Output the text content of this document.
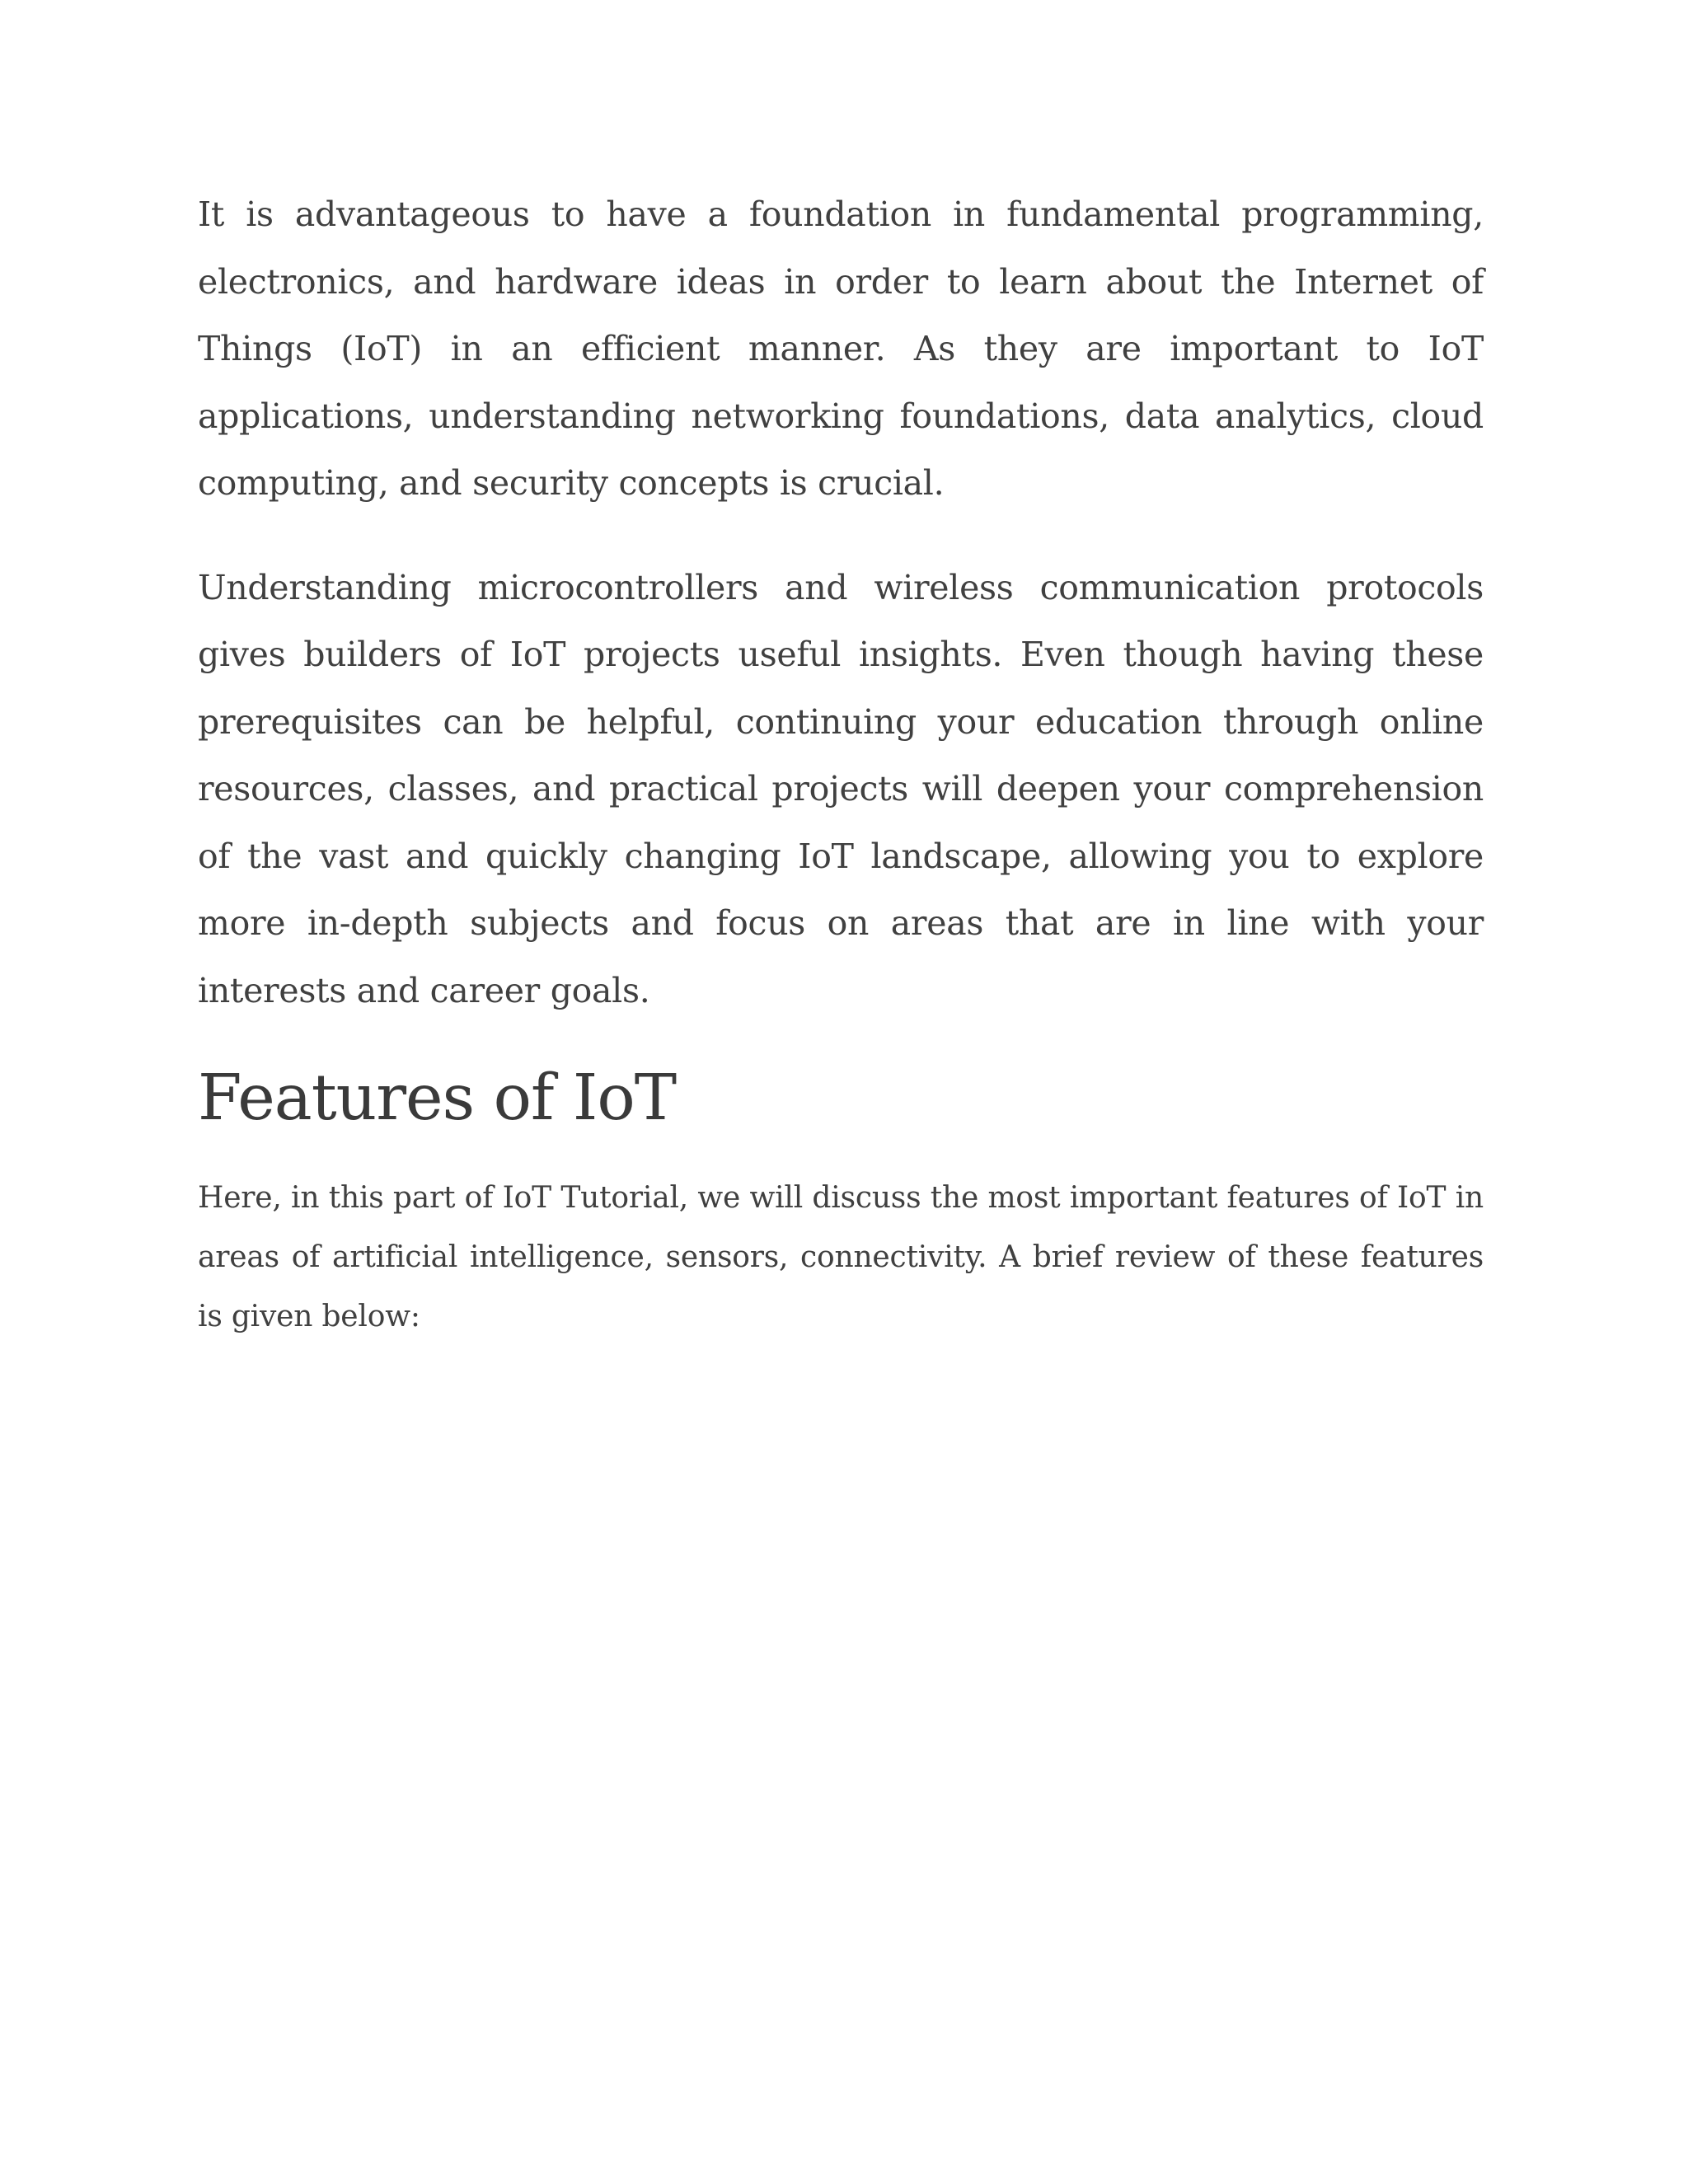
It is advantageous to have a foundation in fundamental programming, electronics, and hardware ideas in order to learn about the Internet of Things (IoT) in an efficient manner. As they are important to IoT applications, understanding networking foundations, data analytics, cloud computing, and security concepts is crucial.

Understanding microcontrollers and wireless communication protocols gives builders of IoT projects useful insights. Even though having these prerequisites can be helpful, continuing your education through online resources, classes, and practical projects will deepen your comprehension of the vast and quickly changing IoT landscape, allowing you to explore more in-depth subjects and focus on areas that are in line with your interests and career goals.

Features of IoT

Here, in this part of IoT Tutorial, we will discuss the most important features of IoT in areas of artificial intelligence, sensors, connectivity. A brief review of these features is given below:
